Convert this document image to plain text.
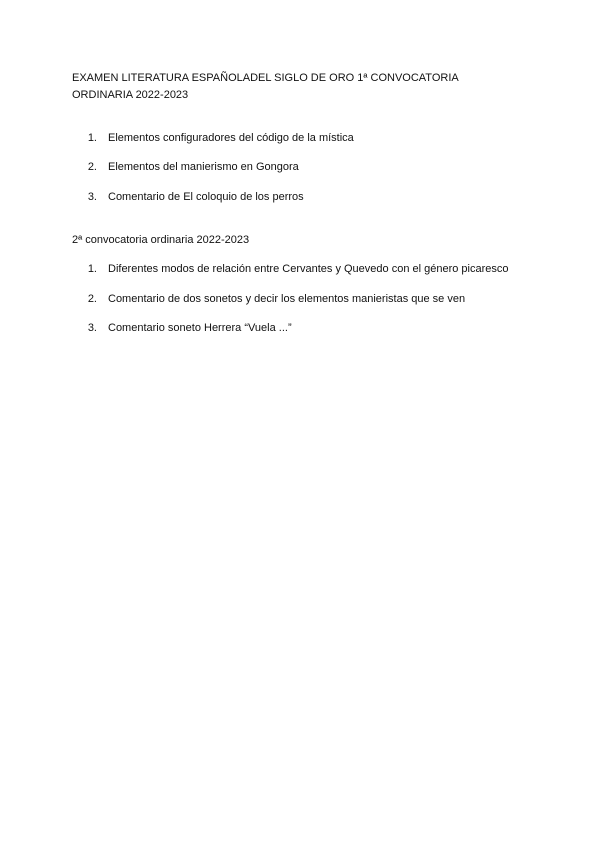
EXAMEN LITERATURA ESPAÑOLADEL SIGLO DE ORO 1ª CONVOCATORIA
ORDINARIA 2022-2023
1. Elementos configuradores del código de la mística
2. Elementos del manierismo en Gongora
3. Comentario de El coloquio de los perros
2ª convocatoria ordinaria 2022-2023
1. Diferentes modos de relación entre Cervantes y Quevedo con el género picaresco
2. Comentario de dos sonetos y decir los elementos manieristas que se ven
3. Comentario soneto Herrera “Vuela ...”
